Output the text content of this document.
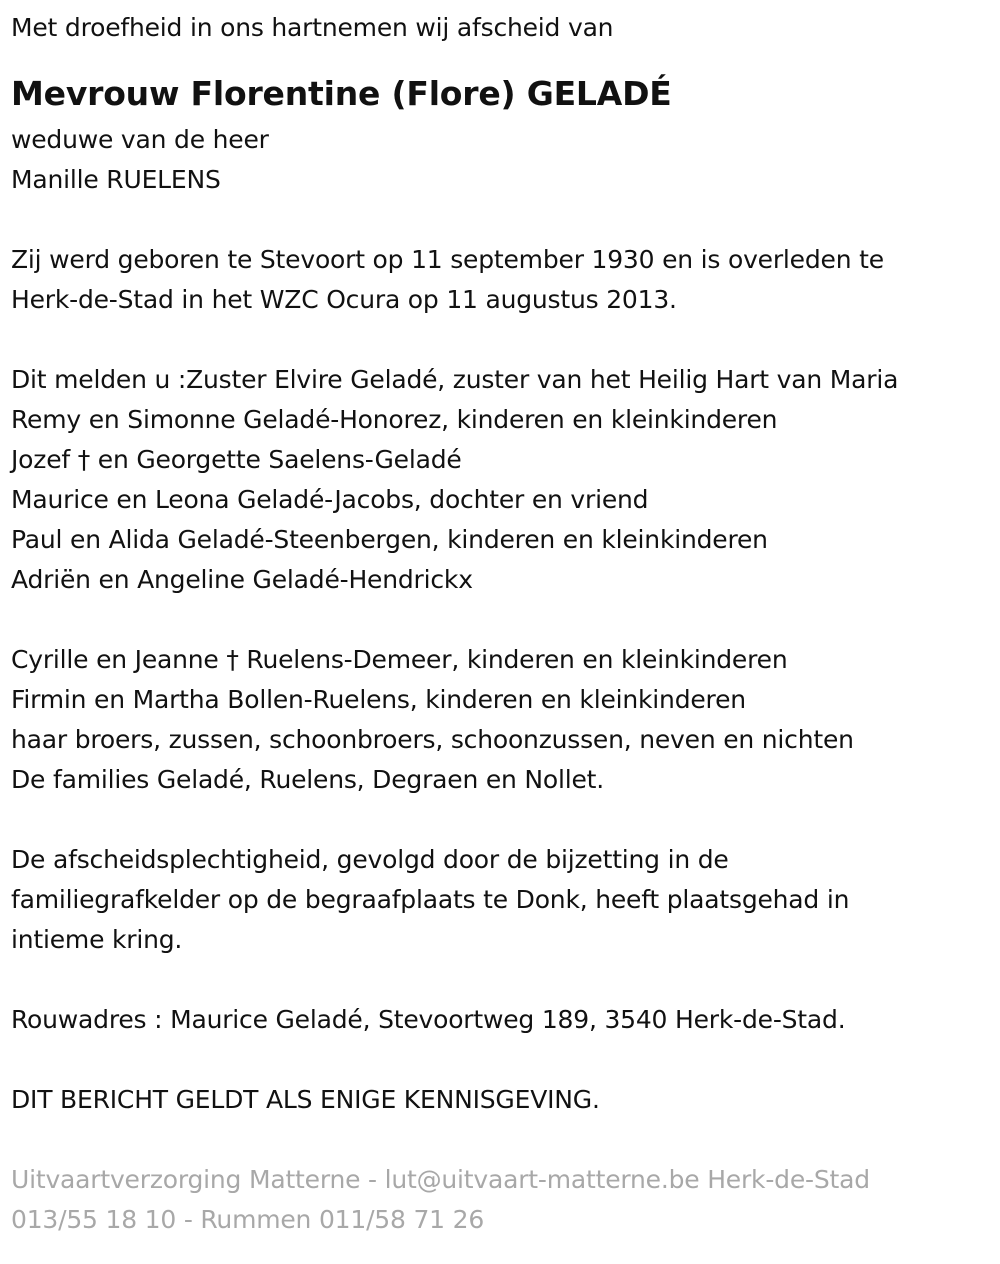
Met droefheid in ons hartnemen wij afscheid van
Mevrouw Florentine (Flore) GELADÉ
weduwe van de heer
Manille RUELENS
Zij werd geboren te Stevoort op 11 september 1930 en is overleden te
Herk-de-Stad in het WZC Ocura op 11 augustus 2013.
Dit melden u :Zuster Elvire Geladé, zuster van het Heilig Hart van Maria
Remy en Simonne Geladé-Honorez, kinderen en kleinkinderen
Jozef † en Georgette Saelens-Geladé
Maurice en Leona Geladé-Jacobs, dochter en vriend
Paul en Alida Geladé-Steenbergen, kinderen en kleinkinderen
Adriën en Angeline Geladé-Hendrickx
Cyrille en Jeanne † Ruelens-Demeer, kinderen en kleinkinderen
Firmin en Martha Bollen-Ruelens, kinderen en kleinkinderen
haar broers, zussen, schoonbroers, schoonzussen, neven en nichten
De families Geladé, Ruelens, Degraen en Nollet.
De afscheidsplechtigheid, gevolgd door de bijzetting in de
familiegrafkelder op de begraafplaats te Donk, heeft plaatsgehad in
intieme kring.
Rouwadres : Maurice Geladé, Stevoortweg 189, 3540 Herk-de-Stad.
DIT BERICHT GELDT ALS ENIGE KENNISGEVING.
Uitvaartverzorging Matterne - lut@uitvaart-matterne.be Herk-de-Stad
013/55 18 10 - Rummen 011/58 71 26
